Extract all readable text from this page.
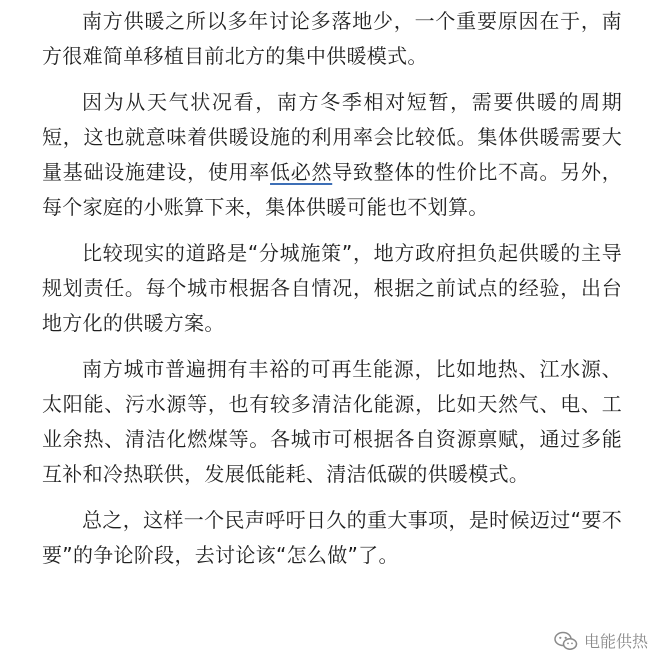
南方供暖之所以多年讨论多落地少，一个重要原因在于，南方很难简单移植目前北方的集中供暖模式。

因为从天气状况看，南方冬季相对短暂，需要供暖的周期短，这也就意味着供暖设施的利用率会比较低。集体供暖需要大量基础设施建设，使用率低必然导致整体的性价比不高。另外，每个家庭的小账算下来，集体供暖可能也不划算。

比较现实的道路是“分城施策”，地方政府担负起供暖的主导规划责任。每个城市根据各自情况，根据之前试点的经验，出台地方化的供暖方案。

南方城市普遍拥有丰裕的可再生能源，比如地热、江水源、太阳能、污水源等，也有较多清洁化能源，比如天然气、电、工业余热、清洁化燃煤等。各城市可根据各自资源禀赋，通过多能互补和冷热联供，发展低能耗、清洁低碳的供暖模式。

总之，这样一个民声呼吁日久的重大事项，是时候迈过“要不要”的争论阶段，去讨论该“怎么做”了。

电能供热
